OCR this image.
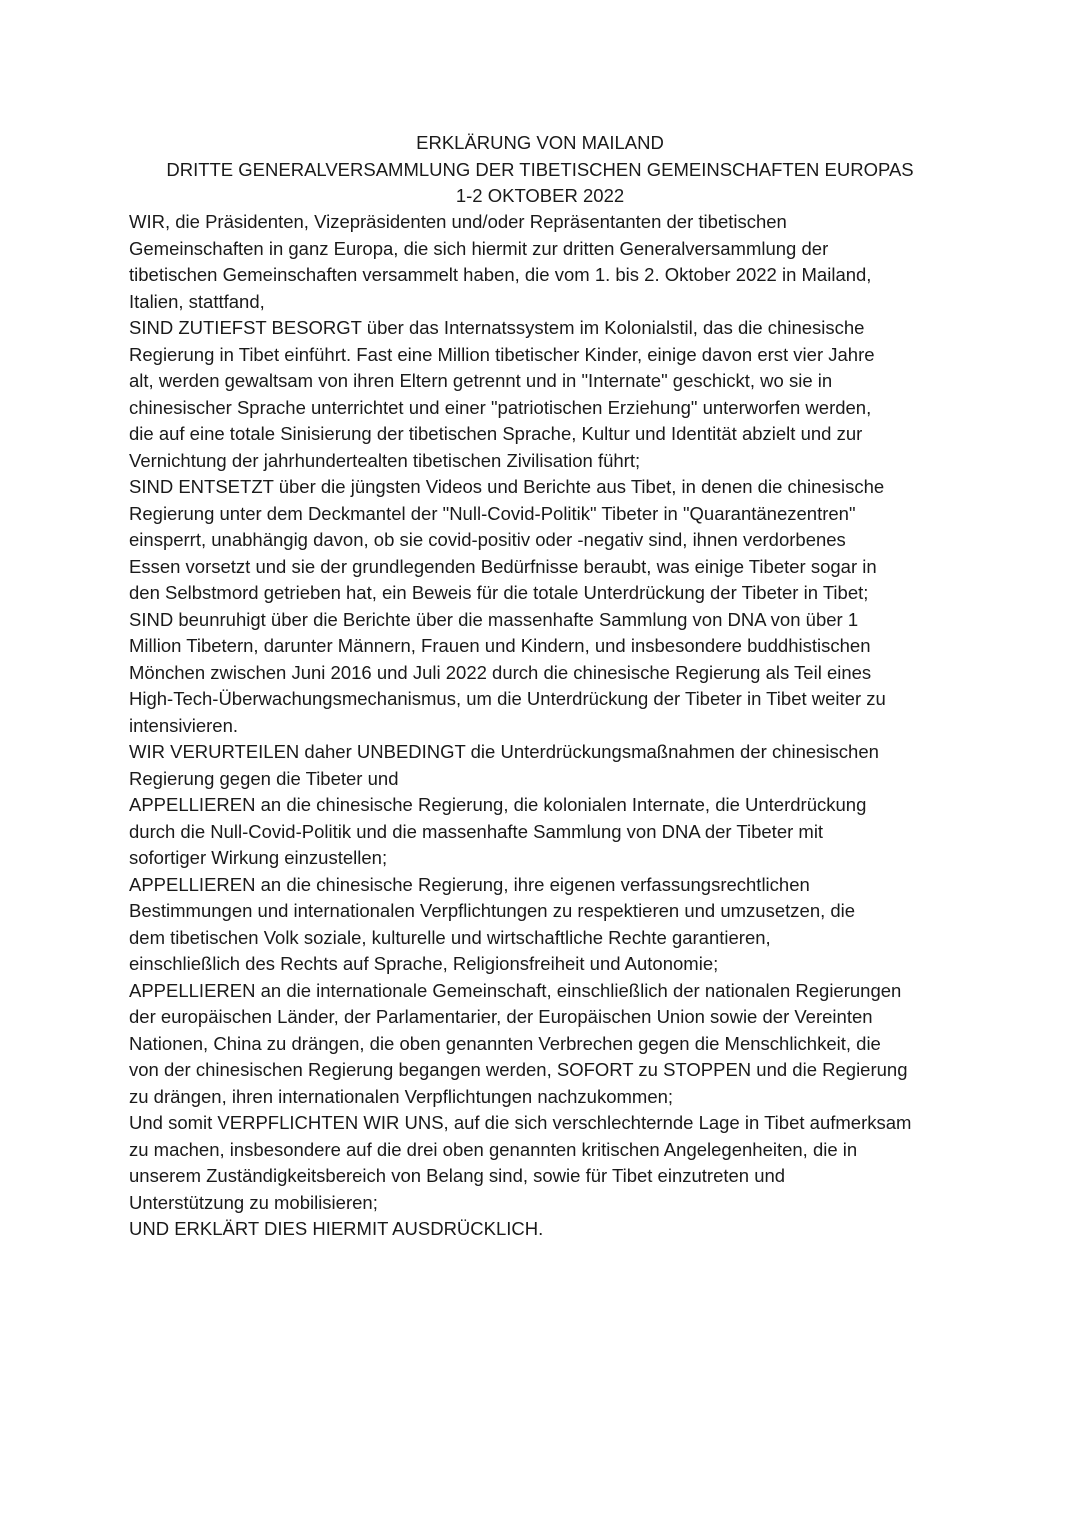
ERKLÄRUNG VON MAILAND
DRITTE GENERALVERSAMMLUNG DER TIBETISCHEN GEMEINSCHAFTEN EUROPAS
1-2 OKTOBER 2022
WIR, die Präsidenten, Vizepräsidenten und/oder Repräsentanten der tibetischen
Gemeinschaften in ganz Europa, die sich hiermit zur dritten Generalversammlung der
tibetischen Gemeinschaften versammelt haben, die vom 1. bis 2. Oktober 2022 in Mailand,
Italien, stattfand,
SIND ZUTIEFST BESORGT über das Internatssystem im Kolonialstil, das die chinesische
Regierung in Tibet einführt. Fast eine Million tibetischer Kinder, einige davon erst vier Jahre
alt, werden gewaltsam von ihren Eltern getrennt und in "Internate" geschickt, wo sie in
chinesischer Sprache unterrichtet und einer "patriotischen Erziehung" unterworfen werden,
die auf eine totale Sinisierung der tibetischen Sprache, Kultur und Identität abzielt und zur
Vernichtung der jahrhundertealten tibetischen Zivilisation führt;
SIND ENTSETZT über die jüngsten Videos und Berichte aus Tibet, in denen die chinesische
Regierung unter dem Deckmantel der "Null-Covid-Politik" Tibeter in "Quarantänezentren"
einsperrt, unabhängig davon, ob sie covid-positiv oder -negativ sind, ihnen verdorbenes
Essen vorsetzt und sie der grundlegenden Bedürfnisse beraubt, was einige Tibeter sogar in
den Selbstmord getrieben hat, ein Beweis für die totale Unterdrückung der Tibeter in Tibet;
SIND beunruhigt über die Berichte über die massenhafte Sammlung von DNA von über 1
Million Tibetern, darunter Männern, Frauen und Kindern, und insbesondere buddhistischen
Mönchen zwischen Juni 2016 und Juli 2022 durch die chinesische Regierung als Teil eines
High-Tech-Überwachungsmechanismus, um die Unterdrückung der Tibeter in Tibet weiter zu
intensivieren.
WIR VERURTEILEN daher UNBEDINGT die Unterdrückungsmaßnahmen der chinesischen
Regierung gegen die Tibeter und
APPELLIEREN an die chinesische Regierung, die kolonialen Internate, die Unterdrückung
durch die Null-Covid-Politik und die massenhafte Sammlung von DNA der Tibeter mit
sofortiger Wirkung einzustellen;
APPELLIEREN an die chinesische Regierung, ihre eigenen verfassungsrechtlichen
Bestimmungen und internationalen Verpflichtungen zu respektieren und umzusetzen, die
dem tibetischen Volk soziale, kulturelle und wirtschaftliche Rechte garantieren,
einschließlich des Rechts auf Sprache, Religionsfreiheit und Autonomie;
APPELLIEREN an die internationale Gemeinschaft, einschließlich der nationalen Regierungen
der europäischen Länder, der Parlamentarier, der Europäischen Union sowie der Vereinten
Nationen, China zu drängen, die oben genannten Verbrechen gegen die Menschlichkeit, die
von der chinesischen Regierung begangen werden, SOFORT zu STOPPEN und die Regierung
zu drängen, ihren internationalen Verpflichtungen nachzukommen;
Und somit VERPFLICHTEN WIR UNS, auf die sich verschlechternde Lage in Tibet aufmerksam
zu machen, insbesondere auf die drei oben genannten kritischen Angelegenheiten, die in
unserem Zuständigkeitsbereich von Belang sind, sowie für Tibet einzutreten und
Unterstützung zu mobilisieren;
UND ERKLÄRT DIES HIERMIT AUSDRÜCKLICH.
